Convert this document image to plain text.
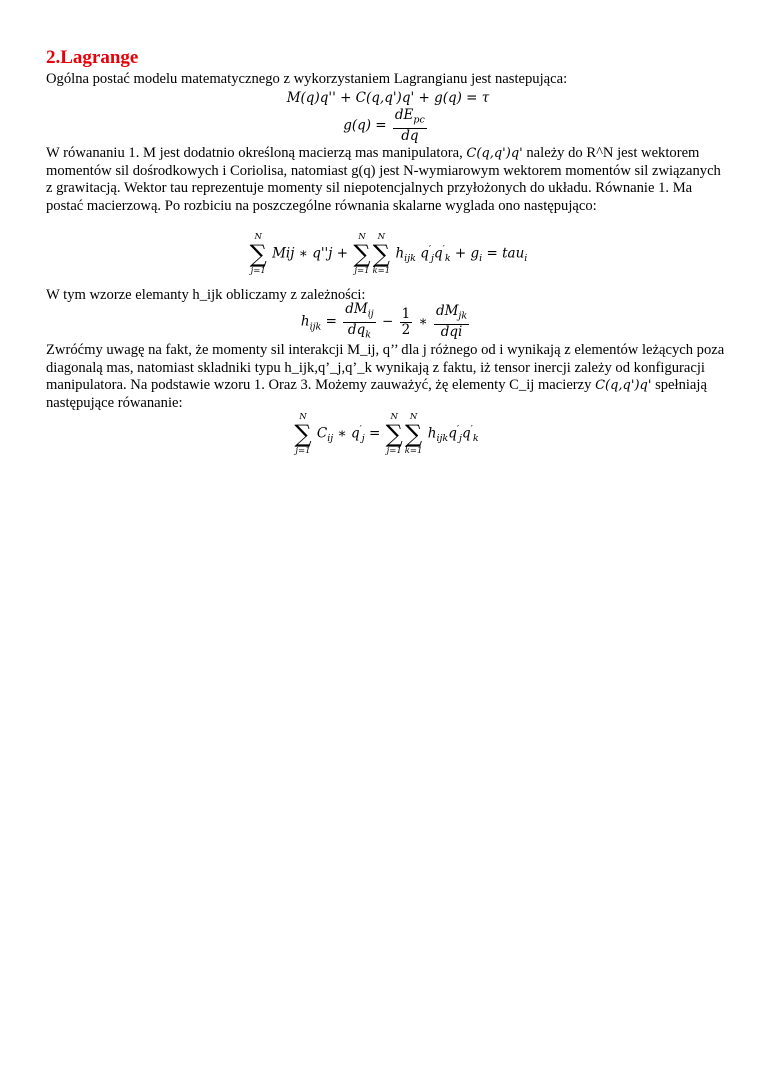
2.Lagrange

Ogólna postać modelu matematycznego z wykorzystaniem Lagrangianu jest nastepująca:

M(q)q'' + C(q,q')q' + g(q) = τ
$g(q) = \frac{dE_{pc}}{dq}$

W rówananiu 1. M jest dodatnio określoną macierzą mas manipulatora, C(q,q')q' należy do R^N jest wektorem momentów sil dośrodkowych i Coriolisa, natomiast g(q) jest N-wymiarowym wektorem momentów sil związanych z grawitacją. Wektor tau reprezentuje momenty sil niepotencjalnych przyłożonych do układu. Równanie 1. Ma postać macierzową. Po rozbiciu na poszczególne równania skalarne wyglada ono następująco:

N
∑
j=1
Mij ∗ q''j +
N
∑
j=1
N
∑
k=1
$h_{ijk}$ $q'_jq'_k + g_i = tau_i$

W tym wzorze elemanty h_ijk obliczamy z zależności:

$h_{ijk} = \frac{dM_{ij}}{dq_k} - \frac{1}{2}$ ∗ $\frac{dM_{jk}}{\text{dqi}}$

Zwróćmy uwagę na fakt, że momenty sil interakcji M_ij, q’’ dla j różnego od i wynikają z elementów leżących poza diagonalą mas, natomiast skladniki typu h_ijk,q’_j,q’_k wynikają z faktu, iż tensor inercji zależy od konfiguracji manipulatora. Na podstawie wzoru 1. Oraz 3. Możemy zauważyć, żę elementy C_ij macierzy C(q,q')q' spełniają następujące rówananie:

N
∑
j=1
$C_{ij}$ ∗ $q'_j$ =
N
∑
j=1
N
∑
k=1
$h_{ijk}q'_jq'_k$
